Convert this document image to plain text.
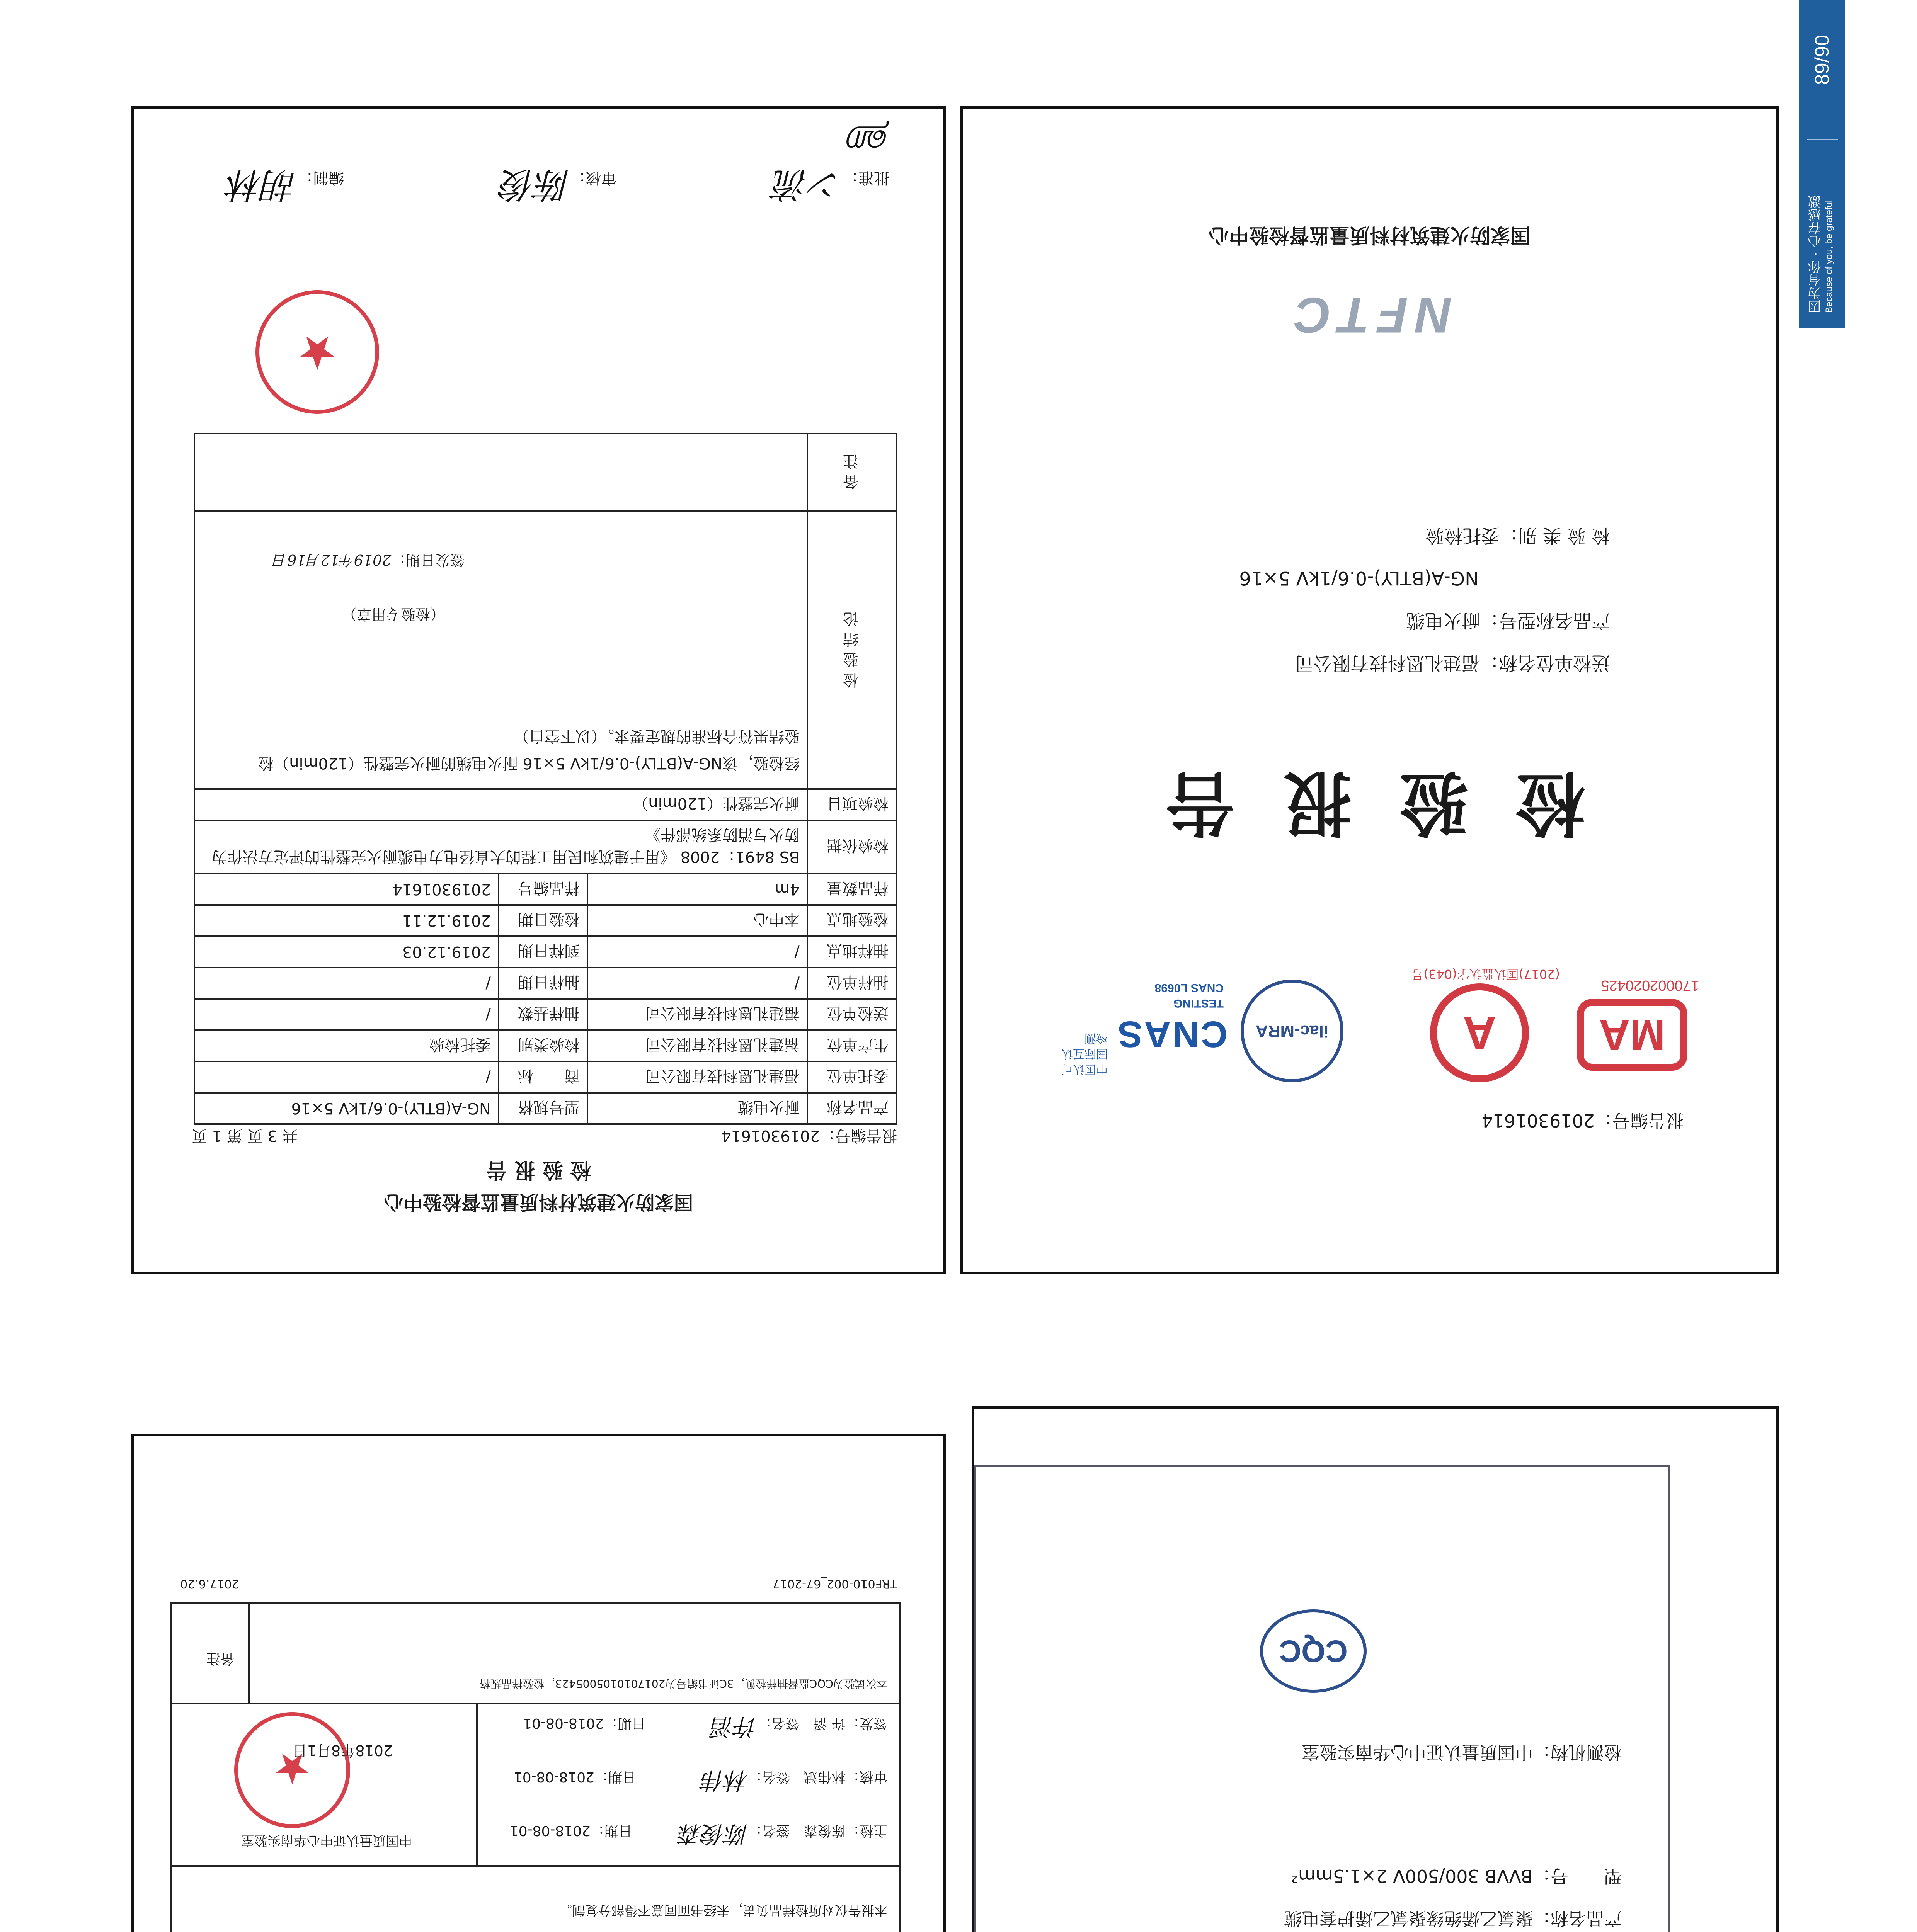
89/90
因为有你 · 心存感激 Because of you, be grateful
报告编号：2019301614
MA
170002020425
A
(2017)国认监认字(043)号
ilac-MRA
CNAS
中国认可
国际互认
检测
TESTING
CNAS L0698
检 验 报 告
送检单位名称：福建礼恩科技有限公司
产品名称型号：耐火电缆
NG-A(BTLY)-0.6/1kV 5×16
检 验 类 别：委托检验
NFTC
国家防火建筑材料质量监督检验中心
国家防火建筑材料质量监督检验中心
检 验 报 告
报告编号：2019301614
共 3 页 第 1 页
产品名称	耐火电缆	型号规格	NG-A(BTLY)-0.6/1kV 5×16
委托单位	福建礼恩科技有限公司	商　　标	/
生产单位	福建礼恩科技有限公司	检验类别	委托检验
送检单位	福建礼恩科技有限公司	抽样基数	/
抽样单位	/	抽样日期	/
抽样地点	/	到样日期	2019.12.03
检验地点	本中心	检验日期	2019.12.11
样品数量	4m	样品编号	2019301614
检验依据	BS 8491：2008 《用于建筑和民用工程的大直径电力电缆耐火完整性的评定方法作为防火与消防系统部件》		
检验项目	耐火完整性（120min）		
检 验 结 论	经检验，该NG-A(BTLY)-0.6/1kV 5×16 耐火电缆的耐火完整性（120min）检
验结果符合标准的规定要求。（以下空白）
（检验专用章）
签发日期：2019年12月16日		

备 注			
★
批准：ン流  审核：陈俊  编制：胡林ஹ
产品名称：聚氯乙烯绝缘聚氯乙烯护套电缆
型　　号：BVVB 300/500V 2×1.5mm²
检测机构：中国质量认证中心华南实验室
CQC
本报告仅对所检样品负责，未经书面同意不得部分复制。
主检：陈俊森　签名：陈俊森日期：2018-08-01
审核：林伟斌　签名：林伟日期：2018-08-01
签发：许 滔　签名：许滔日期：2018-08-01
中国质量认证中心华南实验室
★
2018年8月1日
备注
本次试验为CQC监督抽样检测，3C证书编号为2017010105005423，检验样品规格
TRF010-002_67-2017
2017.6.20
